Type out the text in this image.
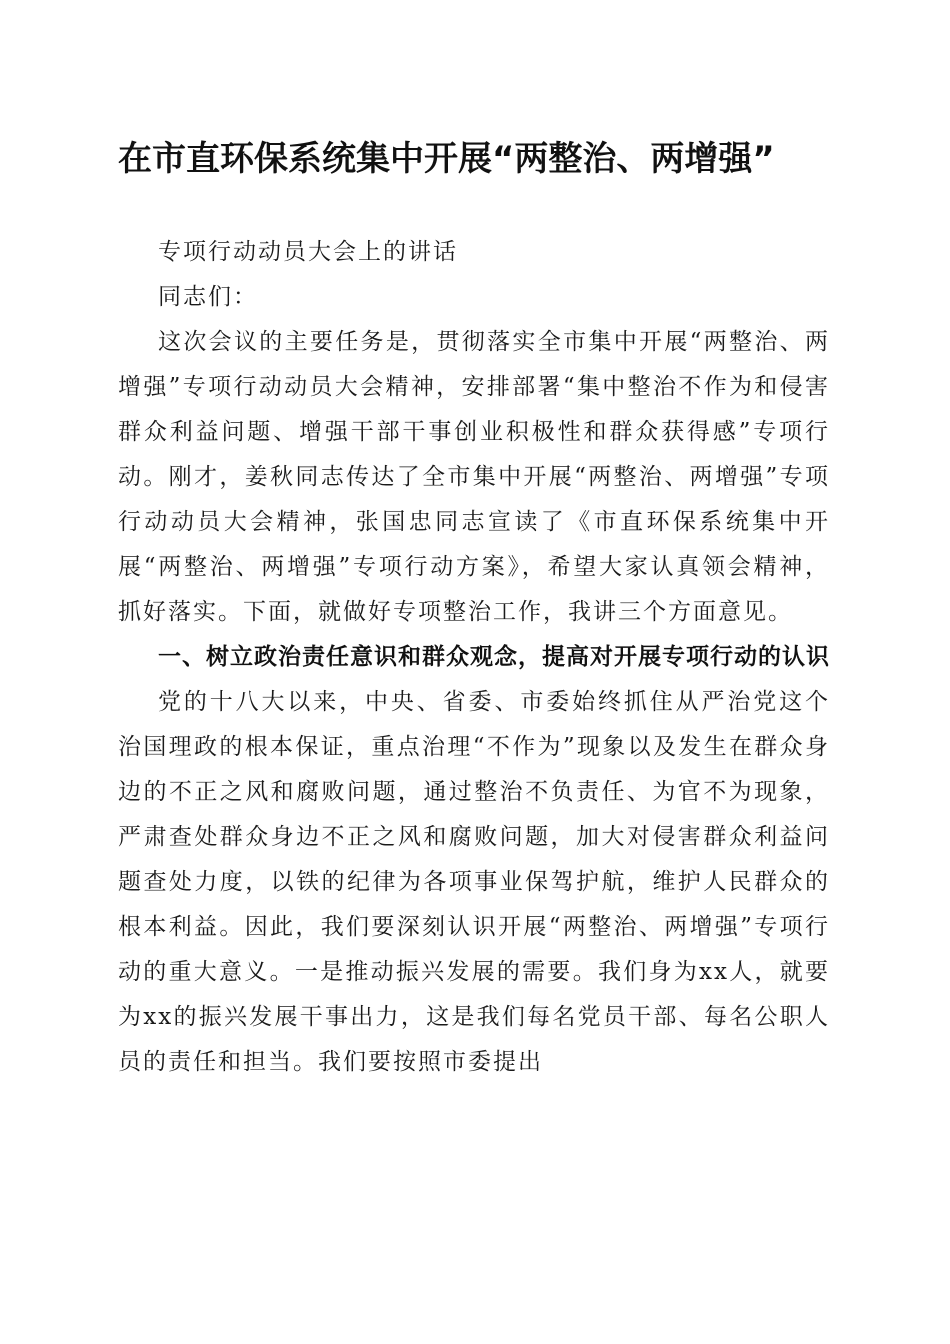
在市直环保系统集中开展“两整治、两增强”

专项行动动员大会上的讲话

同志们：

这次会议的主要任务是，贯彻落实全市集中开展“两整治、两增强”专项行动动员大会精神，安排部署“集中整治不作为和侵害群众利益问题、增强干部干事创业积极性和群众获得感”专项行动。刚才，姜秋同志传达了全市集中开展“两整治、两增强”专项行动动员大会精神，张国忠同志宣读了《市直环保系统集中开展“两整治、两增强”专项行动方案》，希望大家认真领会精神，抓好落实。下面，就做好专项整治工作，我讲三个方面意见。

一、树立政治责任意识和群众观念，提高对开展专项行动的认识

党的十八大以来，中央、省委、市委始终抓住从严治党这个治国理政的根本保证，重点治理“不作为”现象以及发生在群众身边的不正之风和腐败问题，通过整治不负责任、为官不为现象，严肃查处群众身边不正之风和腐败问题，加大对侵害群众利益问题查处力度，以铁的纪律为各项事业保驾护航，维护人民群众的根本利益。因此，我们要深刻认识开展“两整治、两增强”专项行动的重大意义。一是推动振兴发展的需要。我们身为xx人，就要为xx的振兴发展干事出力，这是我们每名党员干部、每名公职人员的责任和担当。我们要按照市委提出
